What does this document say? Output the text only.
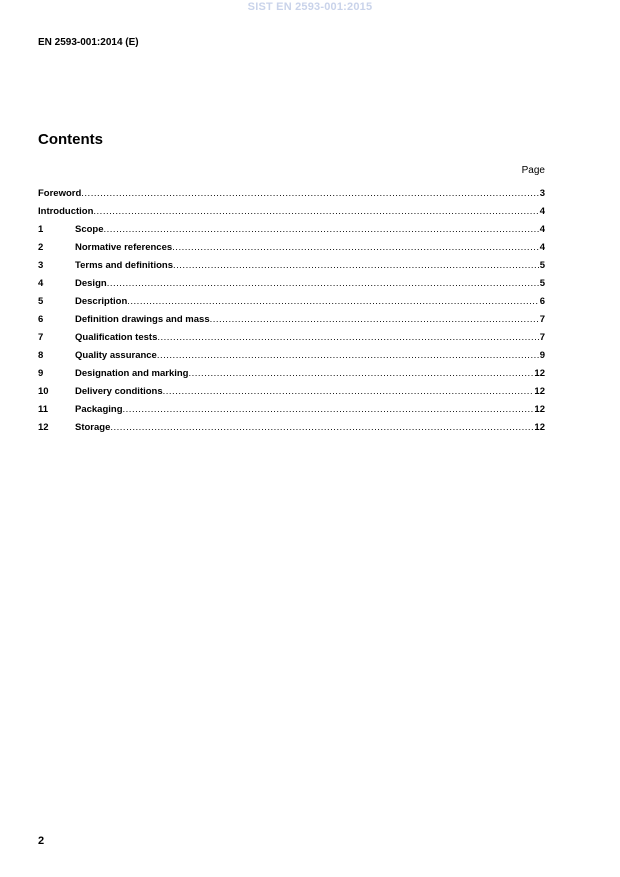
SIST EN 2593-001:2015
EN 2593-001:2014 (E)
Contents
Page
Foreword .....	3
Introduction .....	4
1	Scope .....	4
2	Normative references .....	4
3	Terms and definitions .....	5
4	Design .....	5
5	Description .....	6
6	Definition drawings and mass .....	7
7	Qualification tests .....	7
8	Quality assurance .....	9
9	Designation and marking .....	12
10	Delivery conditions .....	12
11	Packaging .....	12
12	Storage .....	12
2
